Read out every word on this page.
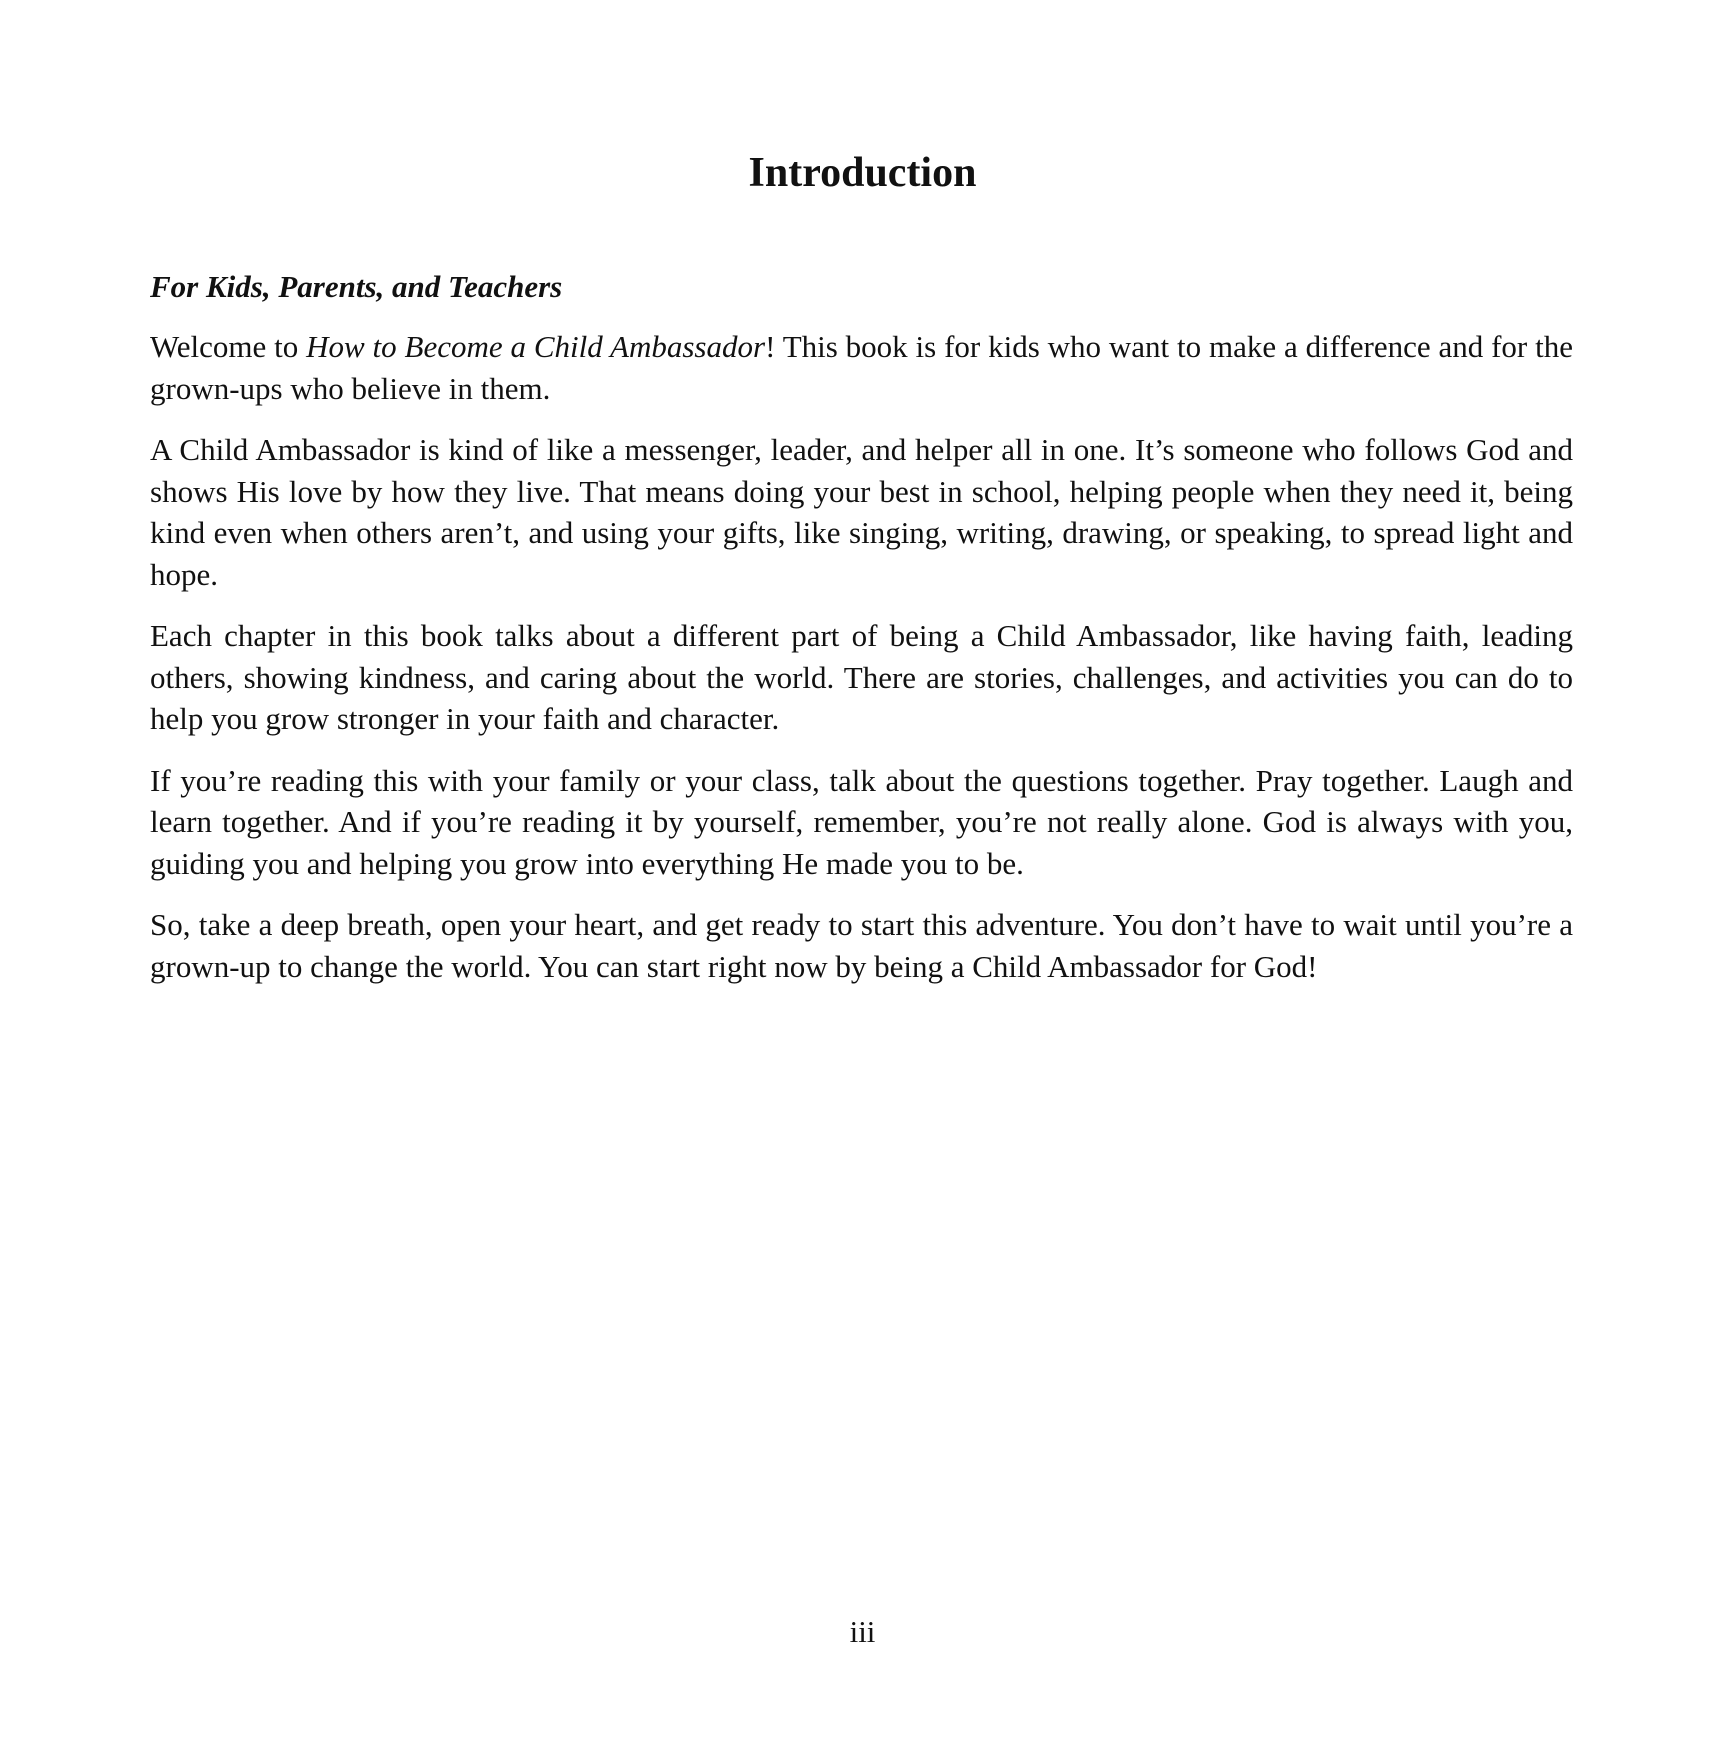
Introduction

For Kids, Parents, and Teachers

Welcome to How to Become a Child Ambassador! This book is for kids who want to make a difference and for the grown-ups who believe in them.

A Child Ambassador is kind of like a messenger, leader, and helper all in one. It’s someone who follows God and shows His love by how they live. That means doing your best in school, helping people when they need it, being kind even when others aren’t, and using your gifts, like singing, writing, drawing, or speaking, to spread light and hope.

Each chapter in this book talks about a different part of being a Child Ambassador, like having faith, leading others, showing kindness, and caring about the world. There are stories, challenges, and activities you can do to help you grow stronger in your faith and character.

If you’re reading this with your family or your class, talk about the questions together. Pray together. Laugh and learn together. And if you’re reading it by yourself, remember, you’re not really alone. God is always with you, guiding you and helping you grow into everything He made you to be.

So, take a deep breath, open your heart, and get ready to start this adventure. You don’t have to wait until you’re a grown-up to change the world. You can start right now by being a Child Ambassador for God!

iii
